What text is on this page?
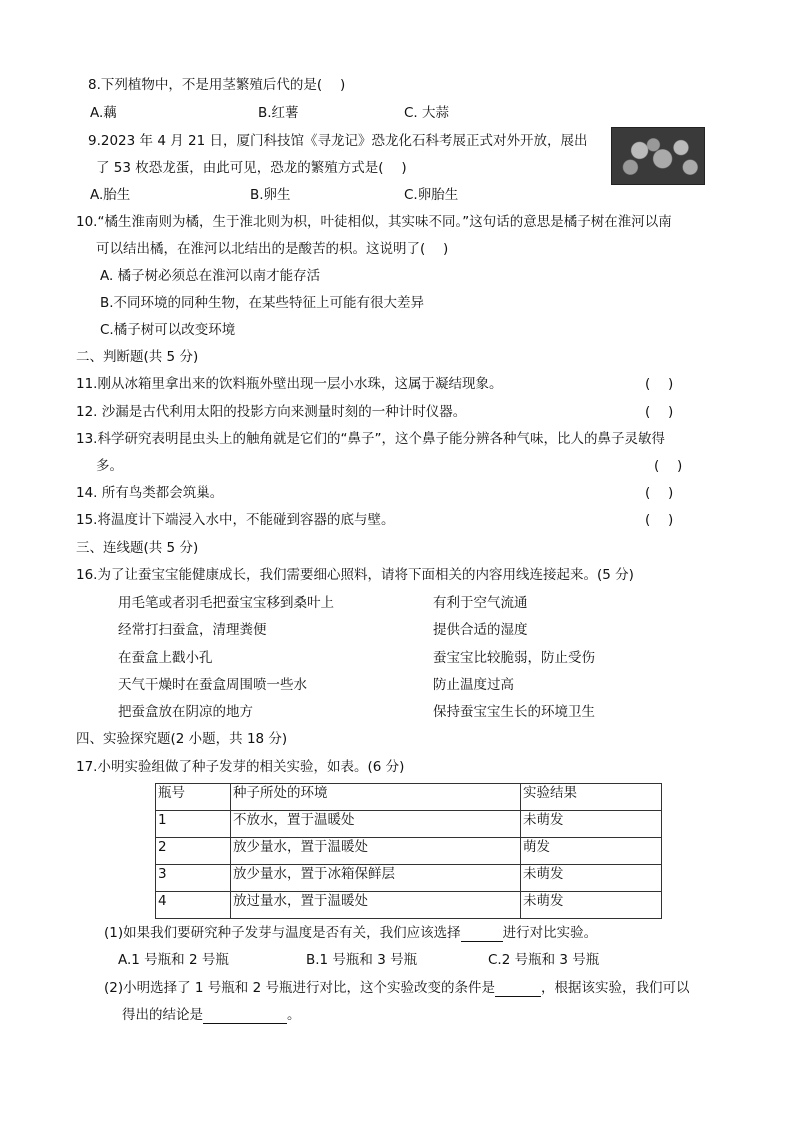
8.下列植物中，不是用茎繁殖后代的是(　 )
A.藕	B.红薯	C. 大蒜
9.2023 年 4 月 21 日，厦门科技馆《寻龙记》恐龙化石科考展正式对外开放，展出
了 53 枚恐龙蛋，由此可见，恐龙的繁殖方式是(　 )
A.胎生	B.卵生	C.卵胎生
10.“橘生淮南则为橘，生于淮北则为枳，叶徒相似，其实味不同。”这句话的意思是橘子树在淮河以南
可以结出橘，在淮河以北结出的是酸苦的枳。这说明了(　 )
A. 橘子树必须总在淮河以南才能存活
B.不同环境的同种生物，在某些特征上可能有很大差异
C.橘子树可以改变环境
二、判断题(共 5 分)
11.刚从冰箱里拿出来的饮料瓶外壁出现一层小水珠，这属于凝结现象。	(　 )
12. 沙漏是古代利用太阳的投影方向来测量时刻的一种计时仪器。	(　 )
13.科学研究表明昆虫头上的触角就是它们的“鼻子”，这个鼻子能分辨各种气味，比人的鼻子灵敏得
多。	(　 )
14. 所有鸟类都会筑巢。	(　 )
15.将温度计下端浸入水中，不能碰到容器的底与壁。	(　 )
三、连线题(共 5 分)
16.为了让蚕宝宝能健康成长，我们需要细心照料，请将下面相关的内容用线连接起来。(5 分)
用毛笔或者羽毛把蚕宝宝移到桑叶上	有利于空气流通
经常打扫蚕盒，清理粪便	提供合适的湿度
在蚕盒上戳小孔	蚕宝宝比较脆弱，防止受伤
天气干燥时在蚕盒周围喷一些水	防止温度过高
把蚕盒放在阴凉的地方	保持蚕宝宝生长的环境卫生
四、实验探究题(2 小题，共 18 分)
17.小明实验组做了种子发芽的相关实验，如表。(6 分)
瓶号	种子所处的环境	实验结果
1	不放水，置于温暖处	未萌发
2	放少量水，置于温暖处	萌发
3	放少量水，置于冰箱保鲜层	未萌发
4	放过量水，置于温暖处	未萌发
(1)如果我们要研究种子发芽与温度是否有关，我们应该选择	进行对比实验。
A.1 号瓶和 2 号瓶	B.1 号瓶和 3 号瓶	C.2 号瓶和 3 号瓶
(2)小明选择了 1 号瓶和 2 号瓶进行对比，这个实验改变的条件是	，根据该实验，我们可以
得出的结论是	。
